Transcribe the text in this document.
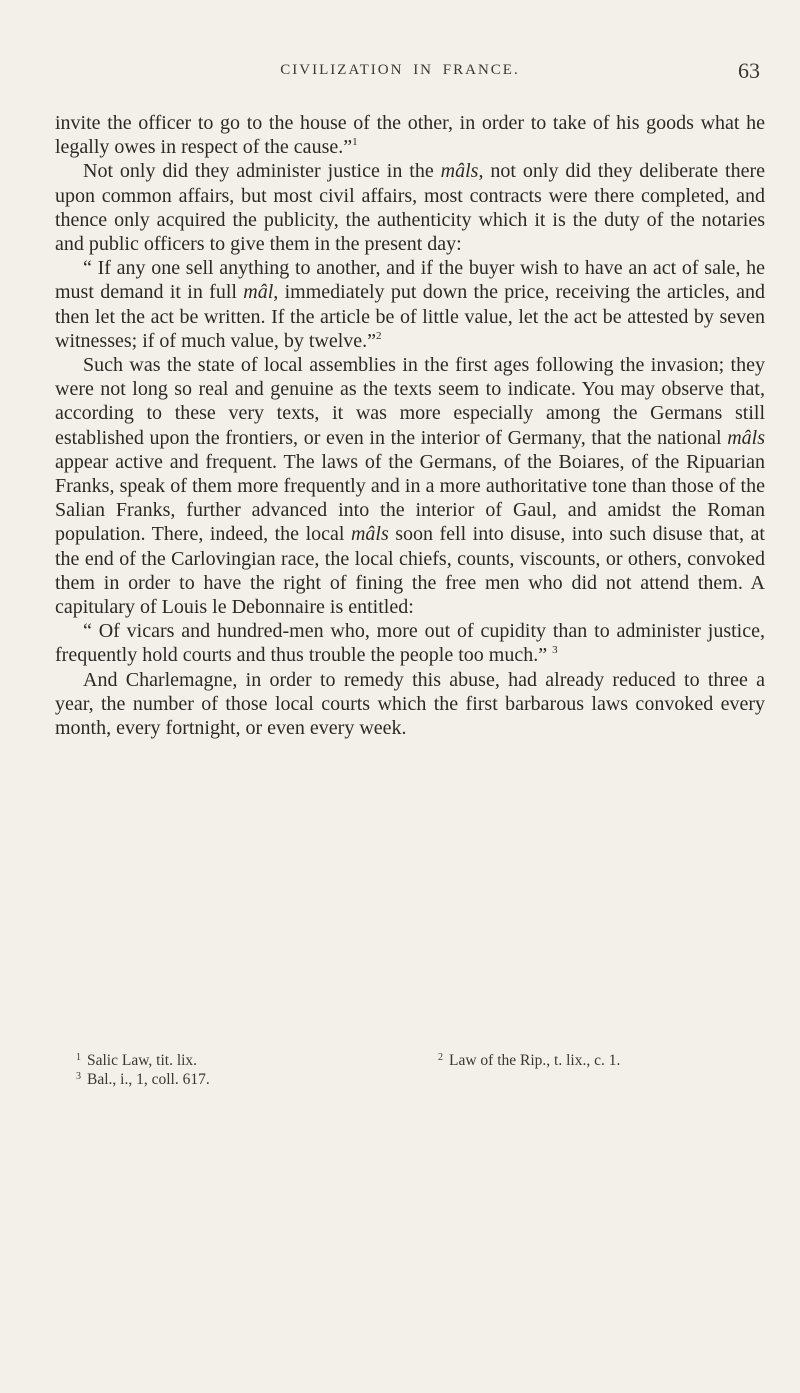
CIVILIZATION IN FRANCE.	63

invite the officer to go to the house of the other, in order to take of his goods what he legally owes in respect of the cause.”$^1$

Not only did they administer justice in the mâls, not only did they deliberate there upon common affairs, but most civil affairs, most contracts were there completed, and thence only acquired the publicity, the authenticity which it is the duty of the notaries and public officers to give them in the present day:

“ If any one sell anything to another, and if the buyer wish to have an act of sale, he must demand it in full mâl, immediately put down the price, receiving the articles, and then let the act be written. If the article be of little value, let the act be attested by seven witnesses; if of much value, by twelve.”$^2$

Such was the state of local assemblies in the first ages following the invasion; they were not long so real and genuine as the texts seem to indicate. You may observe that, according to these very texts, it was more especially among the Germans still established upon the frontiers, or even in the interior of Germany, that the national mâls appear active and frequent. The laws of the Germans, of the Boiares, of the Ripuarian Franks, speak of them more frequently and in a more authoritative tone than those of the Salian Franks, further advanced into the interior of Gaul, and amidst the Roman population. There, indeed, the local mâls soon fell into disuse, into such disuse that, at the end of the Carlovingian race, the local chiefs, counts, viscounts, or others, convoked them in order to have the right of fining the free men who did not attend them. A capitulary of Louis le Debonnaire is entitled:

“ Of vicars and hundred-men who, more out of cupidity than to administer justice, frequently hold courts and thus trouble the people too much.” $^3$

And Charlemagne, in order to remedy this abuse, had already reduced to three a year, the number of those local courts which the first barbarous laws convoked every month, every fortnight, or even every week.

$^1$ Salic Law, tit. lix.	$^2$ Law of the Rip., t. lix., c. 1.
$^3$ Bal., i., 1, coll. 617.
